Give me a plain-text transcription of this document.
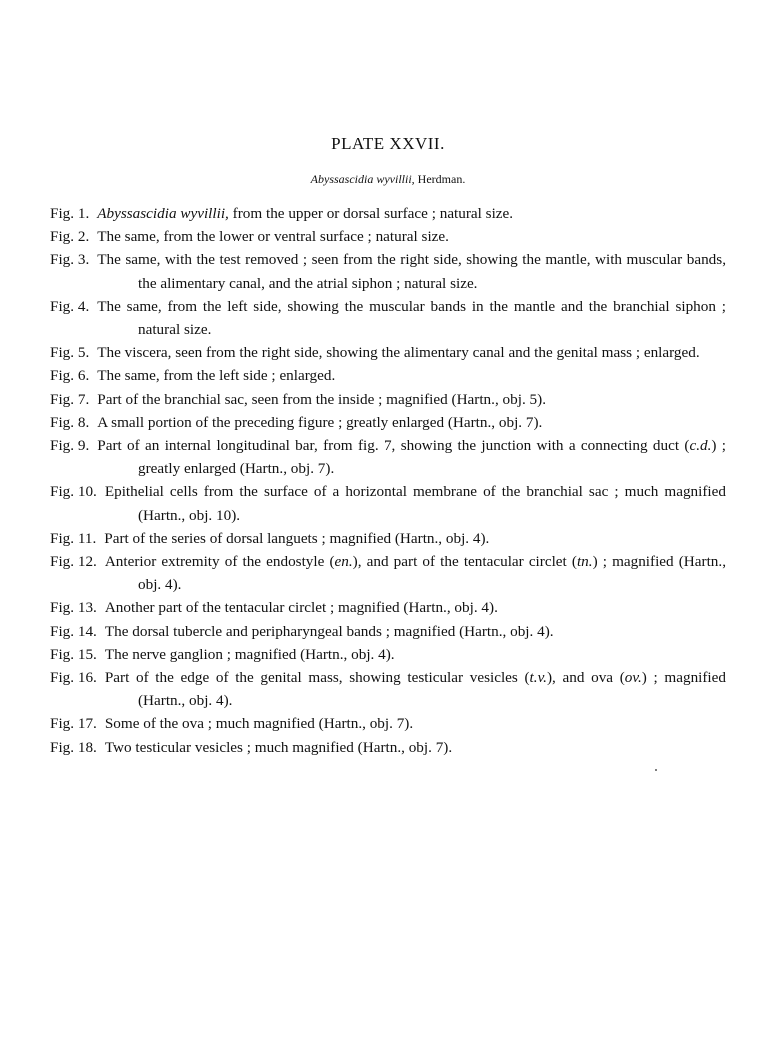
PLATE XXVII.
Abyssascidia wyvillii, Herdman.
Fig. 1. Abyssascidia wyvillii, from the upper or dorsal surface ; natural size.
Fig. 2. The same, from the lower or ventral surface ; natural size.
Fig. 3. The same, with the test removed ; seen from the right side, showing the mantle, with muscular bands, the alimentary canal, and the atrial siphon ; natural size.
Fig. 4. The same, from the left side, showing the muscular bands in the mantle and the branchial siphon ; natural size.
Fig. 5. The viscera, seen from the right side, showing the alimentary canal and the genital mass ; enlarged.
Fig. 6. The same, from the left side ; enlarged.
Fig. 7. Part of the branchial sac, seen from the inside ; magnified (Hartn., obj. 5).
Fig. 8. A small portion of the preceding figure ; greatly enlarged (Hartn., obj. 7).
Fig. 9. Part of an internal longitudinal bar, from fig. 7, showing the junction with a connecting duct (c.d.) ; greatly enlarged (Hartn., obj. 7).
Fig. 10. Epithelial cells from the surface of a horizontal membrane of the branchial sac ; much magnified (Hartn., obj. 10).
Fig. 11. Part of the series of dorsal languets ; magnified (Hartn., obj. 4).
Fig. 12. Anterior extremity of the endostyle (en.), and part of the tentacular circlet (tn.) ; magnified (Hartn., obj. 4).
Fig. 13. Another part of the tentacular circlet ; magnified (Hartn., obj. 4).
Fig. 14. The dorsal tubercle and peripharyngeal bands ; magnified (Hartn., obj. 4).
Fig. 15. The nerve ganglion ; magnified (Hartn., obj. 4).
Fig. 16. Part of the edge of the genital mass, showing testicular vesicles (t.v.), and ova (ov.) ; magnified (Hartn., obj. 4).
Fig. 17. Some of the ova ; much magnified (Hartn., obj. 7).
Fig. 18. Two testicular vesicles ; much magnified (Hartn., obj. 7).
